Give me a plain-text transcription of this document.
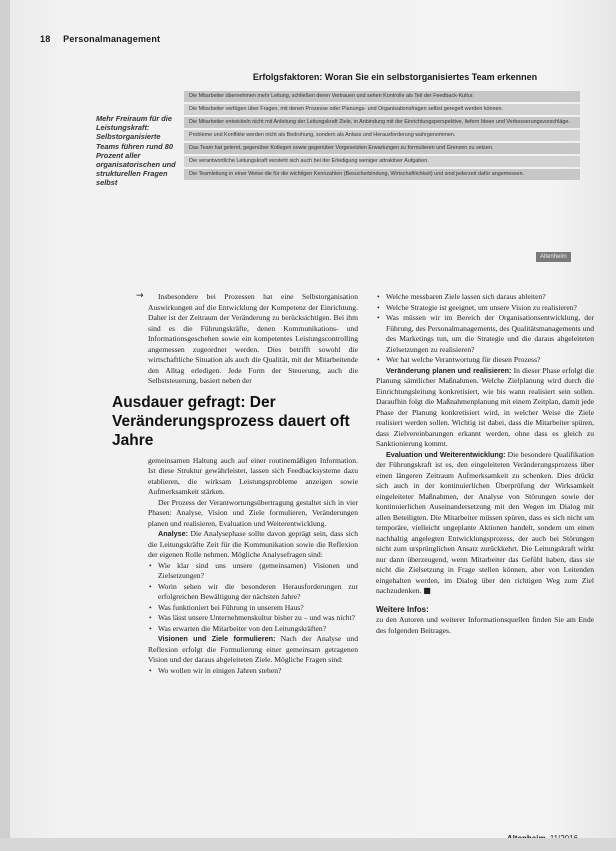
18 Personalmanagement
Erfolgsfaktoren: Woran Sie ein selbstorganisiertes Team erkennen
Mehr Freiraum für die Leistungskraft: Selbstorganisierte Teams führen rund 80 Prozent aller organisatorischen und strukturellen Fragen selbst
Die Mitarbeiter übernehmen mehr Leitung, schließen deren Vertrauen und sehen Kontrolle als Teil der Feedback-Kultur.
Die Mitarbeiter verfügen über Fragen, mit denen Prozesse oder Planungs- und Organisationsfragen selbst geregelt werden können.
Die Mitarbeiter entwickeln nicht mit Anleitung der Leitungskraft Ziele, in Anbindung mit der Einrichtungsperspektive, liefern Ideen und Verbesserungsvorschläge.
Probleme und Konflikte werden nicht als Bedrohung, sondern als Anlass und Herausforderung wahrgenommen.
Das Team hat gelernt, gegenüber Kollegen sowie gegenüber Vorgesetzten Erwartungen zu formulieren und Grenzen zu setzen.
Die verantwortliche Leitungskraft versteht sich auch bei der Erledigung weniger attraktiver Aufgaben.
Die Teamleitung in einer Weise die für die wichtigen Kennzahlen (Besucherbindung, Wirtschaftlichkeit) und sind jederzeit dafür angemessen.
Altenheim
→	Insbesondere bei Prozessen hat eine Selbstorganisation Auswirkungen auf die Entwicklung der Kompetenz der Einrichtung. Daher ist der Zeitraum der Veränderung zu berücksichtigen. Bei ihm sind es die Führungskräfte, denen Kommunikations- und Informationsgeschehen sowie ein kompetentes Leistungscontrolling angemessen zugeordnet werden. Dies betrifft sowohl die wirtschaftliche Situation als auch die Qualität, mit der Mitarbeitende den Alltag erledigen. Jede Form der Steuerung, auch die Selbststeuerung, basiert neben der

Ausdauer gefragt: Der Veränderungsprozess dauert oft Jahre

gemeinsamen Haltung auch auf einer routinemäßigen Information. Ist diese Struktur gewährleistet, lassen sich Feedbacksysteme dazu etablieren, die wirksam Leistungsprobleme anzeigen sowie Aufmerksamkeit stärken.

Der Prozess der Verantwortungsübertragung gestaltet sich in vier Phasen: Analyse, Vision und Ziele formulieren, Veränderungen planen und realisieren, Evaluation und Weiterentwicklung.

Analyse: Die Analysephase sollte davon geprägt sein, dass sich die Leitungskräfte Zeit für die Kommunikation sowie die Reflexion der eigenen Rolle nehmen. Mögliche Analysefragen sind:

• Wie klar sind uns unsere (gemeinsamen) Visionen und Zielsetzungen?
• Worin sehen wir die besonderen Herausforderungen zur erfolgreichen Bewältigung der nächsten Jahre?
• Was funktioniert bei Führung in unserem Haus?
• Was lässt unsere Unternehmenskultur bisher zu – und was nicht?
• Was erwarten die Mitarbeiter von den Leitungskräften?

Visionen und Ziele formulieren: Nach der Analyse und Reflexion erfolgt die Formulierung einer gemeinsam getragenen Vision und der daraus abgeleiteten Ziele. Mögliche Fragen sind:

• Wo wollen wir in einigen Jahren stehen?
• Welche messbaren Ziele lassen sich daraus ableiten?
• Welche Strategie ist geeignet, um unsere Vision zu realisieren?
• Was müssen wir im Bereich der Organisationsentwicklung, der Führung, des Personalmanagements, des Qualitätsmanagements und des Marketings tun, um die Strategie und die daraus abgeleiteten Zielsetzungen zu realisieren?
• Wer hat welche Verantwortung für diesen Prozess?

Veränderung planen und realisieren: In dieser Phase erfolgt die Planung sämtlicher Maßnahmen. Welche Zielplanung wird durch die Einrichtungsleitung konkretisiert, wie bis wann realisiert sein sollen. Daraufhin folgt die Maßnahmenplanung mit einem Zeitplan, damit jede Phase der Planung konkretisiert wird, in welcher Weise die Ziele realisiert werden sollen. Wichtig ist dabei, dass die Mitarbeiter spüren, dass Zielvereinbarungen erkannt werden, ohne dass es gleich zu Sanktionierung kommt.

Evaluation und Weiterentwicklung: Die besondere Qualifikation der Führungskraft ist es, den eingeleiteten Veränderungsprozess über einen längeren Zeitraum Aufmerksamkeit zu schenken. Dies drückt sich auch in der kontinuierlichen Überprüfung der Wirksamkeit eingeleiteter Maßnahmen, der Analyse von Störungen sowie der kontinuierlichen Auseinandersetzung mit den Wegen im Dialog mit allen Beteiligten. Die Mitarbeiter müssen spüren, dass es sich nicht um temporäre, vielleicht ungeplante Aktionen handelt, sondern um einen nachhaltig angelegten Entwicklungsprozess, der auch bei Störungen nicht zum ursprünglichen Ansatz zurückkehrt. Die Leitungskraft wirkt nur dann überzeugend, wenn Mitarbeiter das Gefühl haben, dass sie nicht die Zielsetzung in Frage stellen können, aber von Leitenden eingehalten werden, im Dialog über den richtigen Weg zum Ziel nachzudenken. ■

Weitere Infos:

zu den Autoren und weiterer Informationsquellen finden Sie am Ende des folgenden Beitrages.
